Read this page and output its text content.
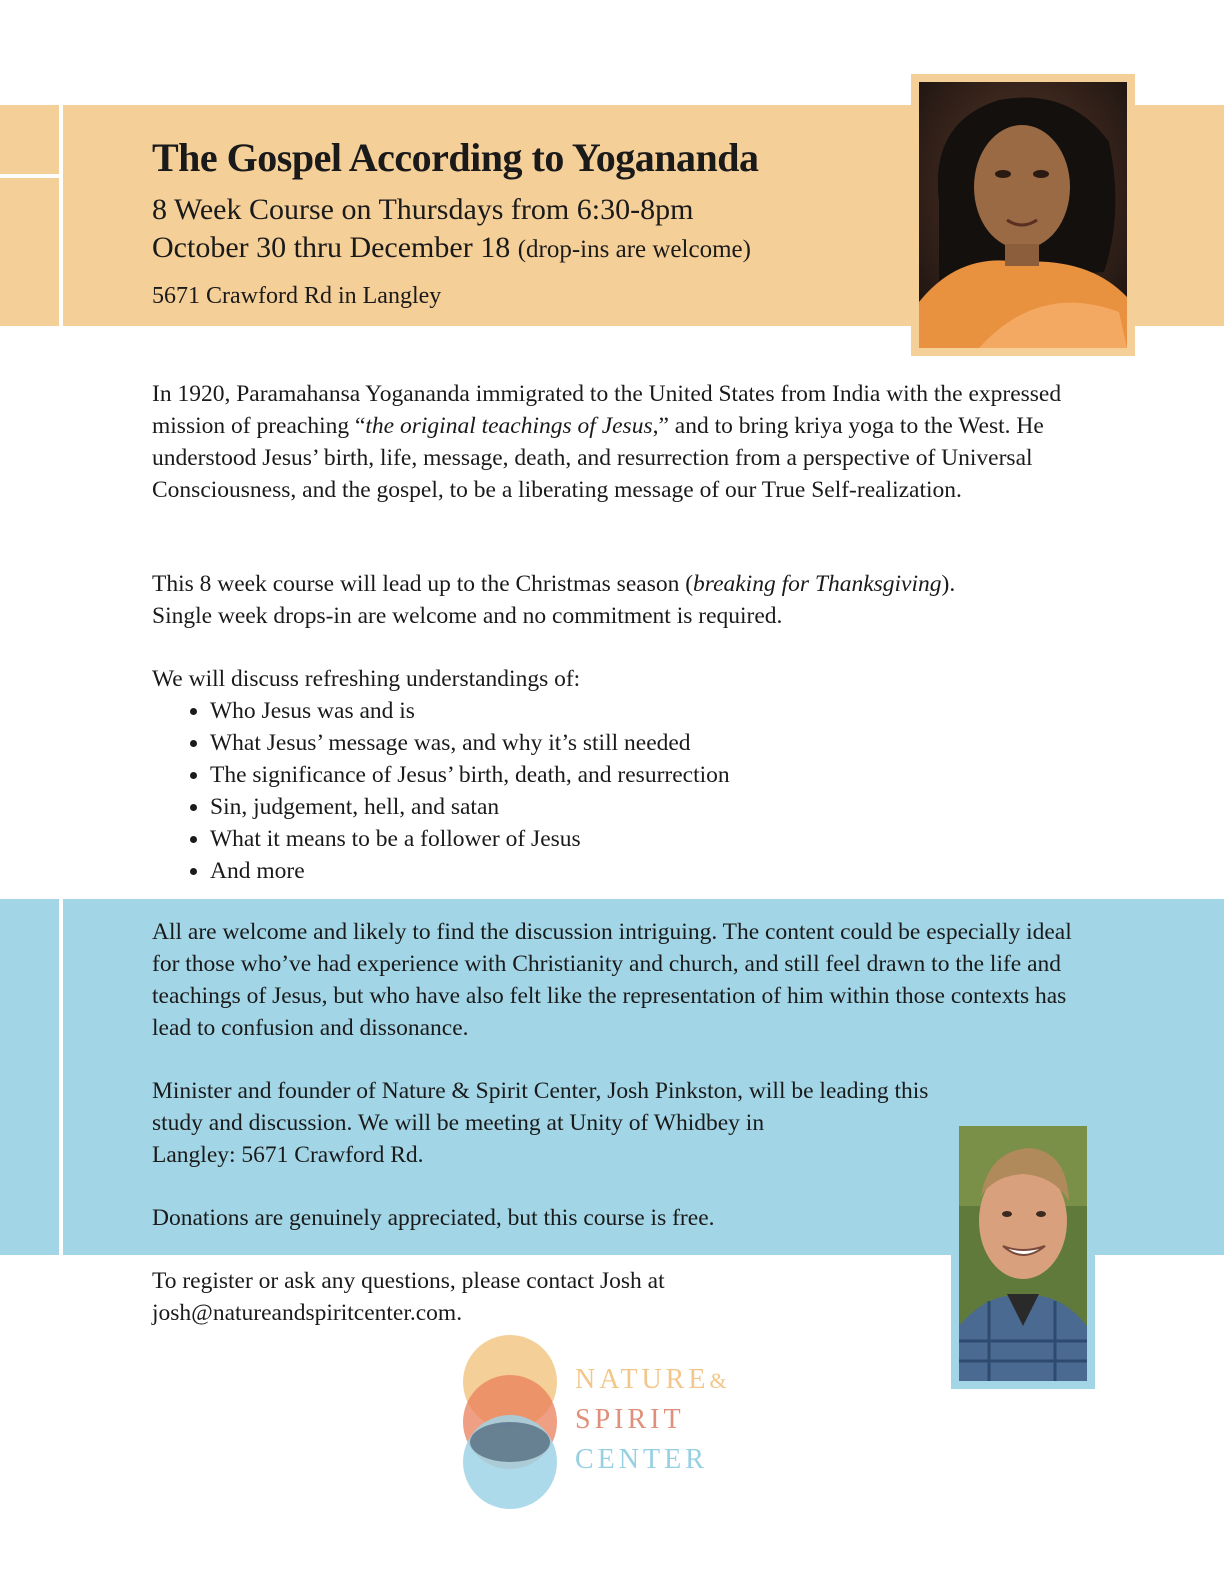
The Gospel According to Yogananda
8 Week Course on Thursdays from 6:30-8pm
October 30 thru December 18 (drop-ins are welcome)
5671 Crawford Rd in Langley

In 1920, Paramahansa Yogananda immigrated to the United States from India with the expressed mission of preaching “the original teachings of Jesus,” and to bring kriya yoga to the West. He understood Jesus’ birth, life, message, death, and resurrection from a perspective of Universal Consciousness, and the gospel, to be a liberating message of our True Self-realization.

This 8 week course will lead up to the Christmas season (breaking for Thanksgiving).
Single week drops-in are welcome and no commitment is required.

We will discuss refreshing understandings of:
• Who Jesus was and is
• What Jesus’ message was, and why it’s still needed
• The significance of Jesus’ birth, death, and resurrection
• Sin, judgement, hell, and satan
• What it means to be a follower of Jesus
• And more

All are welcome and likely to find the discussion intriguing. The content could be especially ideal for those who’ve had experience with Christianity and church, and still feel drawn to the life and teachings of Jesus, but who have also felt like the representation of him within those contexts has lead to confusion and dissonance.

Minister and founder of Nature & Spirit Center, Josh Pinkston, will be leading this
study and discussion. We will be meeting at Unity of Whidbey in
Langley: 5671 Crawford Rd.

Donations are genuinely appreciated, but this course is free.

To register or ask any questions, please contact Josh at
josh@natureandspiritcenter.com.

NATURE&
SPIRIT
CENTER
